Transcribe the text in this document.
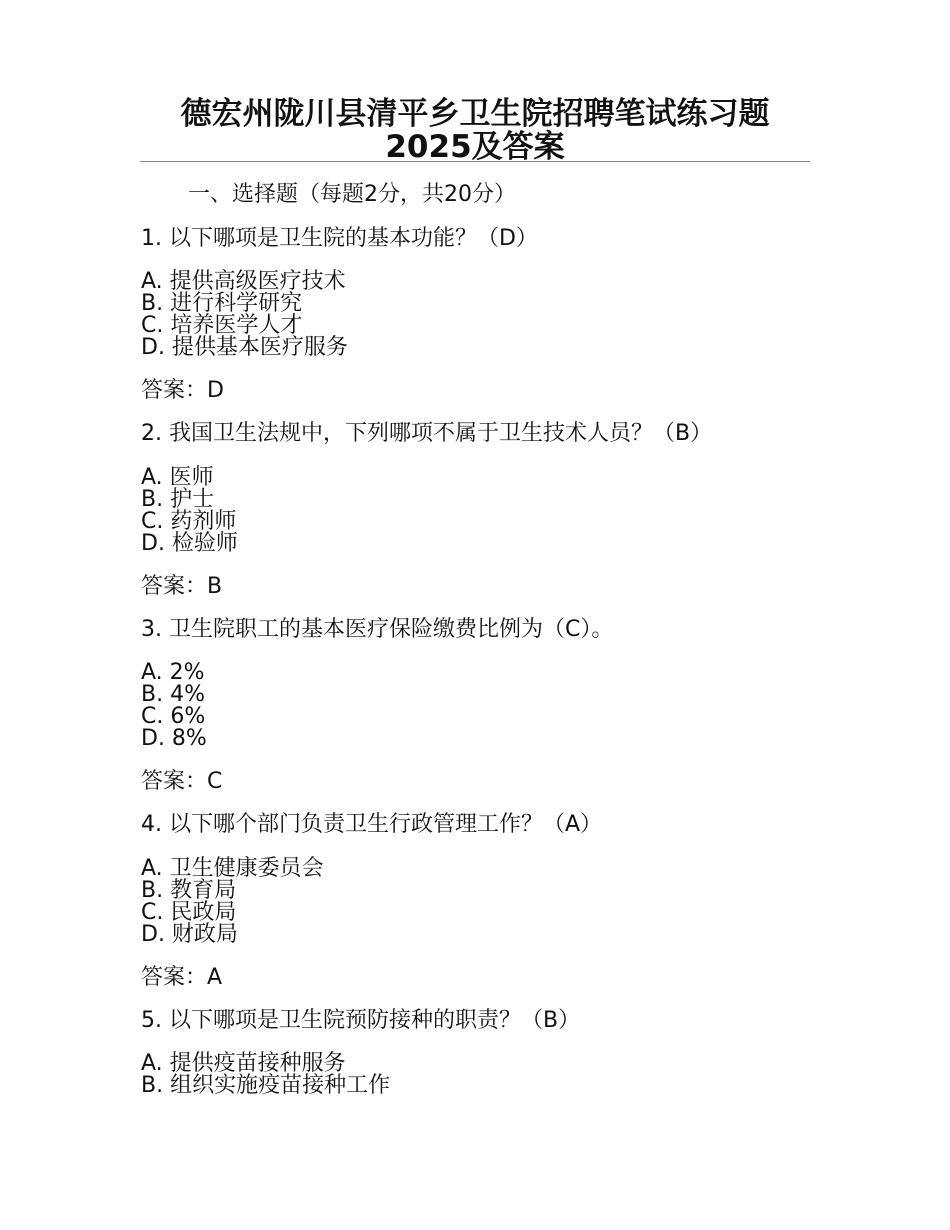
德宏州陇川县清平乡卫生院招聘笔试练习题2025及答案
一、选择题（每题2分，共20分）
1. 以下哪项是卫生院的基本功能？（D）
A. 提供高级医疗技术
B. 进行科学研究
C. 培养医学人才
D. 提供基本医疗服务
答案：D
2. 我国卫生法规中，下列哪项不属于卫生技术人员？（B）
A. 医师
B. 护士
C. 药剂师
D. 检验师
答案：B
3. 卫生院职工的基本医疗保险缴费比例为（C）。
A. 2%
B. 4%
C. 6%
D. 8%
答案：C
4. 以下哪个部门负责卫生行政管理工作？（A）
A. 卫生健康委员会
B. 教育局
C. 民政局
D. 财政局
答案：A
5. 以下哪项是卫生院预防接种的职责？（B）
A. 提供疫苗接种服务
B. 组织实施疫苗接种工作
